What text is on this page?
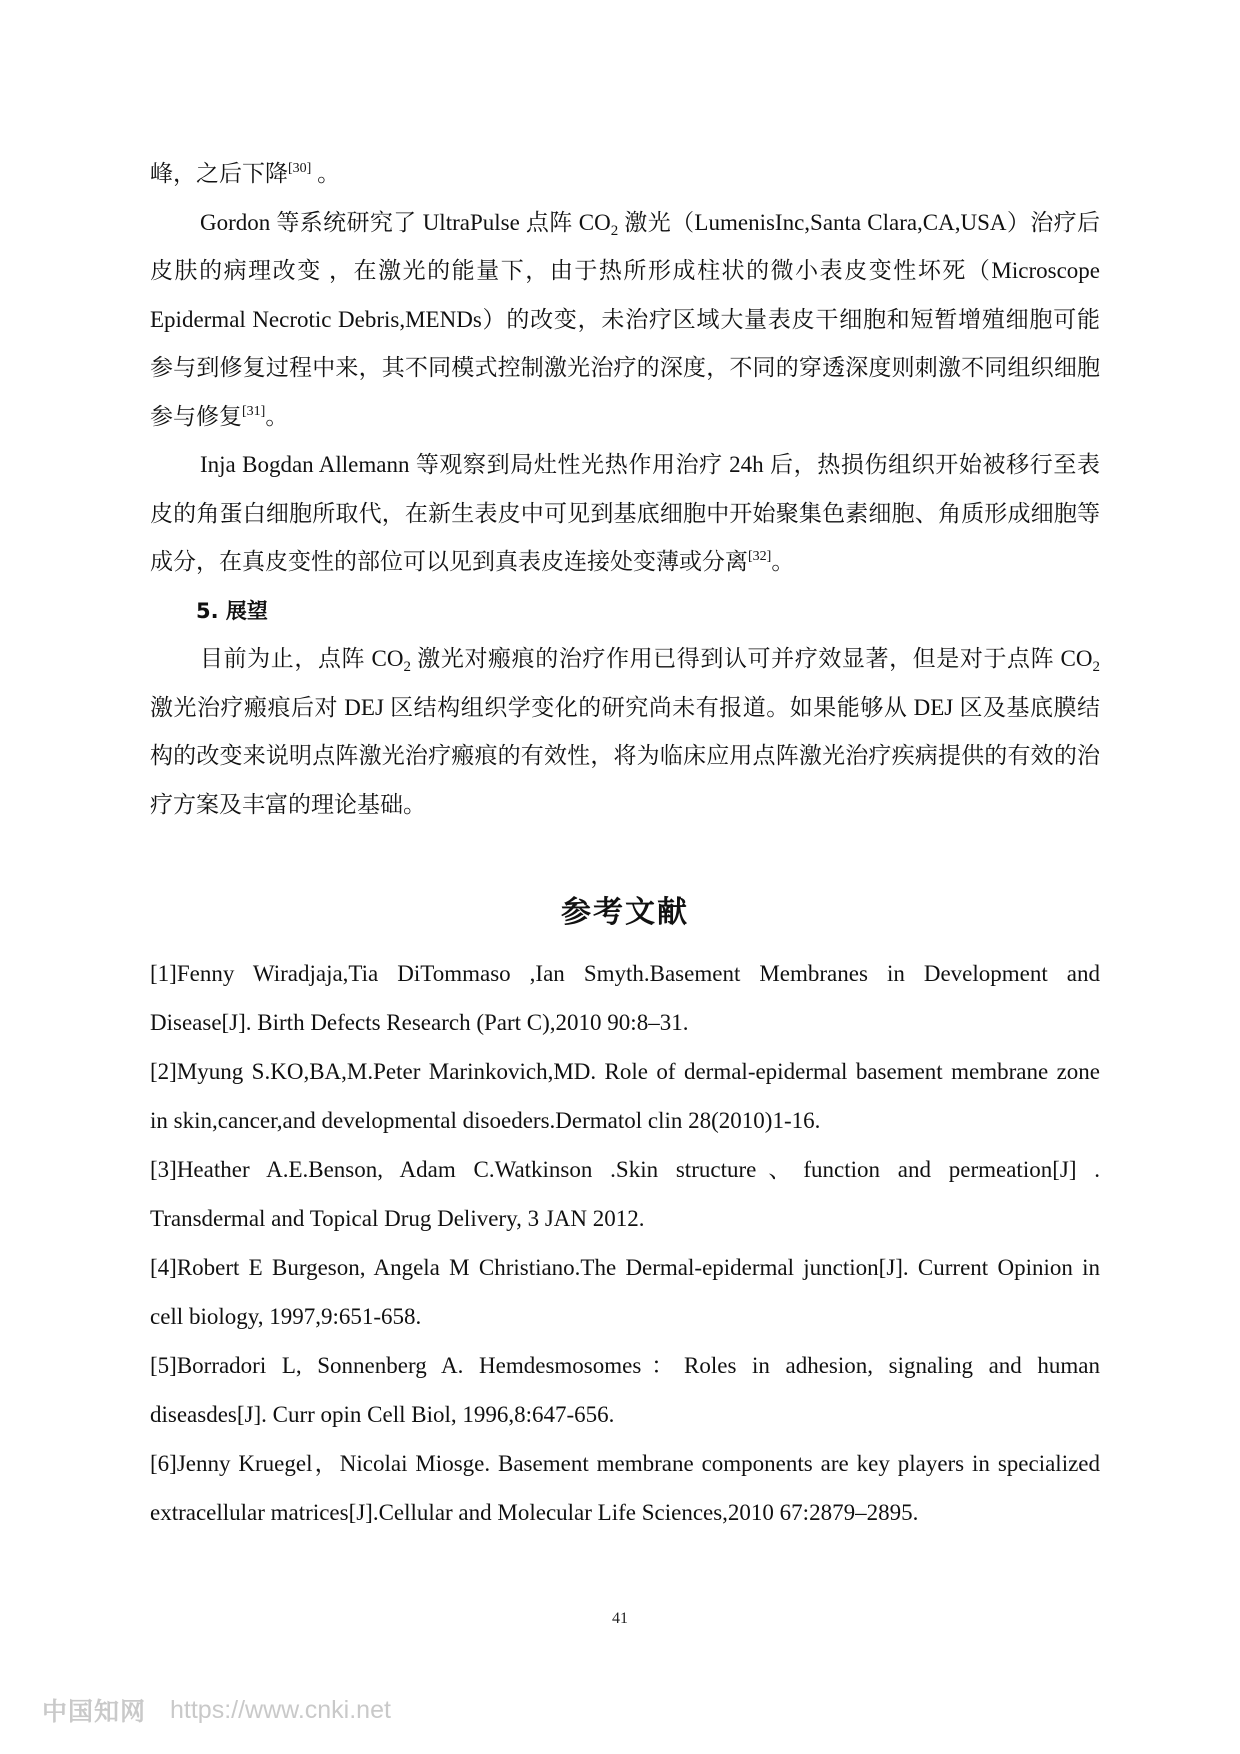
峰，之后下降[30] 。

Gordon 等系统研究了 UltraPulse 点阵 $CO_2$ 激光（LumenisInc,Santa Clara,CA,USA）治疗后皮肤的病理改变 ，在激光的能量下，由于热所形成柱状的微小表皮变性坏死（Microscope Epidermal Necrotic Debris,MENDs）的改变，未治疗区域大量表皮干细胞和短暂增殖细胞可能参与到修复过程中来，其不同模式控制激光治疗的深度，不同的穿透深度则刺激不同组织细胞参与修复[31]。

Inja Bogdan Allemann 等观察到局灶性光热作用治疗 24h 后，热损伤组织开始被移行至表皮的角蛋白细胞所取代，在新生表皮中可见到基底细胞中开始聚集色素细胞、角质形成细胞等成分，在真皮变性的部位可以见到真表皮连接处变薄或分离[32]。

5. 展望

目前为止，点阵 $CO_2$ 激光对瘢痕的治疗作用已得到认可并疗效显著，但是对于点阵 $CO_2$ 激光治疗瘢痕后对 DEJ 区结构组织学变化的研究尚未有报道。如果能够从 DEJ 区及基底膜结构的改变来说明点阵激光治疗瘢痕的有效性，将为临床应用点阵激光治疗疾病提供的有效的治疗方案及丰富的理论基础。

参考文献

[1]Fenny Wiradjaja,Tia DiTommaso ,Ian Smyth.Basement Membranes in Development and Disease[J]. Birth Defects Research (Part C),2010 90:8–31.

[2]Myung S.KO,BA,M.Peter Marinkovich,MD. Role of dermal-epidermal basement membrane zone in skin,cancer,and developmental disoeders.Dermatol clin 28(2010)1-16.

[3]Heather A.E.Benson, Adam C.Watkinson .Skin structure、function and permeation[J] . Transdermal and Topical Drug Delivery, 3 JAN 2012.

[4]Robert E Burgeson, Angela M Christiano.The Dermal-epidermal junction[J]. Current Opinion in cell biology, 1997,9:651-658.

[5]Borradori L, Sonnenberg A. Hemdesmosomes：Roles in adhesion, signaling and human diseasdes[J]. Curr opin Cell Biol, 1996,8:647-656.

[6]Jenny Kruegel，Nicolai Miosge. Basement membrane components are key players in specialized extracellular matrices[J].Cellular and Molecular Life Sciences,2010 67:2879–2895.

41
中国知网 https://www.cnki.net
